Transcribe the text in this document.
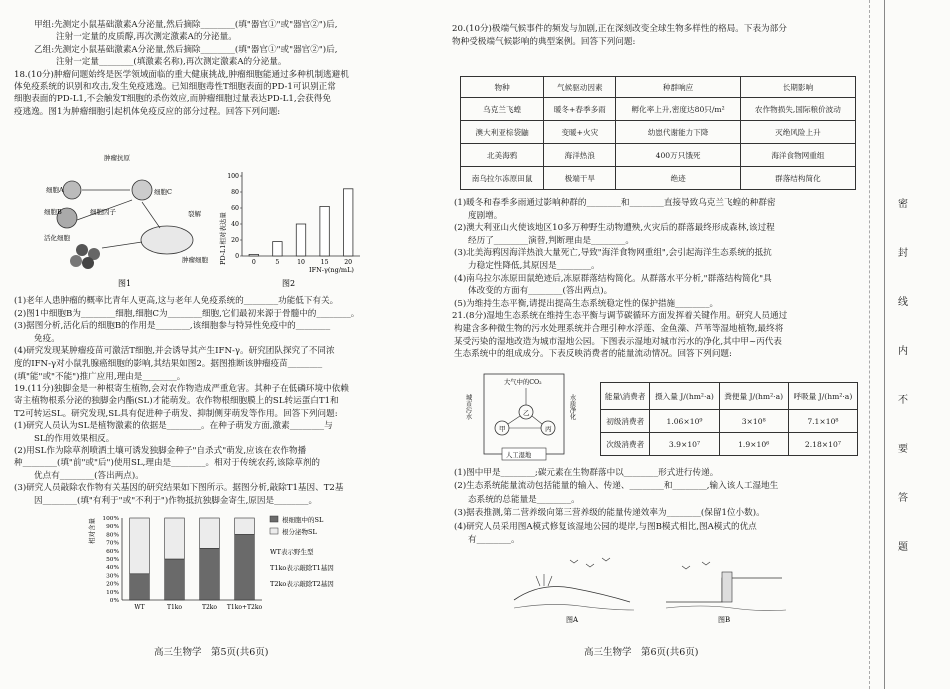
甲组:先测定小鼠基础激素A分泌量,然后摘除________(填"器官①"或"器官②")后,
注射一定量的皮质醇,再次测定激素A的分泌量。
乙组:先测定小鼠基础激素A分泌量,然后摘除________(填"器官①"或"器官②")后,
注射一定量________(填激素名称),再次测定激素A的分泌量。
18.(10分)肿瘤问题始终是医学领域面临的重大健康挑战,肿瘤细胞能通过多种机制逃避机
体免疫系统的识别和攻击,发生免疫逃逸。已知细胞毒性T细胞表面的PD-1可识别正常
细胞表面的PD-L1,不会触发T细胞的杀伤效应,而肿瘤细胞过量表达PD-L1,会获得免
疫逃逸。图1为肿瘤细胞引起机体免疫反应的部分过程。回答下列问题:
(1)老年人患肿瘤的概率比青年人更高,这与老年人免疫系统的________功能低下有关。
(2)图1中细胞B为________细胞,细胞C为________细胞,它们最初来源于骨髓中的________。
(3)据图分析,活化后的细胞B的作用是________,该细胞参与特异性免疫中的________
免疫。
(4)研究发现某肿瘤疫苗可激活T细胞,并会诱导其产生IFN-γ。研究团队探究了不同浓
度的IFN-γ对小鼠乳腺癌细胞的影响,其结果如图2。据图推断该肿瘤疫苗________
(填"能"或"不能")推广应用,理由是________。
19.(11分)独脚金是一种根寄生植物,会对农作物造成严重危害。其种子在低磷环境中依赖
寄主植物根系分泌的独脚金内酯(SL)才能萌发。农作物根细胞膜上的SL转运蛋白T1和
T2可转运SL。研究发现,SL具有促进种子萌发、抑制侧芽萌发等作用。回答下列问题:
(1)研究人员认为SL是植物激素的依据是________。在种子萌发方面,激素________与
SL的作用效果相反。
(2)用SL作为除草剂喷洒土壤可诱发独脚金种子"自杀式"萌发,应该在农作物播
种________(填"前"或"后")使用SL,理由是________。相对于传统农药,该除草剂的
优点有________(答出两点)。
(3)研究人员敲除农作物有关基因的研究结果如下图所示。据图分析,敲除T1基因、T2基
因________(填"有利于"或"不利于")作物抵抗独脚金寄生,原因是________。
肿瘤抗原
细胞A
细胞B	细胞因子
细胞C
活化细胞
裂解
肿瘤细胞
图1
PD-L1相对表达量 0
20
40
60
80
100
0	5	10	15	20
IFN-γ(ng/mL)
图2
相对含量
0%
10%
20%
30%
40%
50%
60%
70%
80%
90%
100%
WT	T1ko	T2ko T1ko+T2ko
根细胞中的SL
根分泌物SL
WT表示野生型
T1ko表示敲除T1基因
T2ko表示敲除T2基因
高三生物学　第5页(共6页)
20.(10分)极端气候事件的频发与加剧,正在深刻改变全球生物多样性的格局。下表为部分
物种受极端气候影响的典型案例。回答下列问题:
物种	气候驱动因素	种群响应	长期影响
乌克兰飞蝗	暖冬+春季多雨	孵化率上升,密度达80只/m²	农作物损失,国际粮价波动
澳大利亚棕袋鼬	变暖+火灾	幼崽代谢能力下降	灭绝风险上升
北美海鸦	海洋热浪	400万只饿死	海洋食物网重组
南乌拉尔冻原田鼠	极端干旱	绝迹	群落结构简化
(1)暖冬和春季多雨通过影响种群的________和________直接导致乌克兰飞蝗的种群密
度剧增。
(2)澳大利亚山火使该地区10多万种野生动物遭殃,火灾后的群落最终形成森林,该过程
经历了________演替,判断理由是________。
(3)北美海鸦因海洋热浪大量死亡,导致"海洋食物网重组",会引起海洋生态系统的抵抗
力稳定性降低,其原因是________。
(4)南乌拉尔冻原田鼠绝迹后,冻原群落结构简化。从群落水平分析,"群落结构简化"具
体改变的方面有________(答出两点)。
(5)为维持生态平衡,请提出提高生态系统稳定性的保护措施________。
21.(8分)湿地生态系统在维持生态平衡与调节碳循环方面发挥着关键作用。研究人员通过
构建含多种微生物的污水处理系统并合理引种水浮莲、金鱼藻、芦苇等湿地植物,最终将
某受污染的湿地改造为城市湿地公园。下图表示湿地对城市污水的净化,其中甲~丙代表
生态系统中的组成成分。下表反映消费者的能量流动情况。回答下列问题:
大气中的CO₂
城市污水	水质净化
甲
乙
丙
人工湿地
能量\消费者	摄入量 J/(hm²·a)	粪便量 J/(hm²·a)	呼吸量 J/(hm²·a)
初级消费者	1.06×10⁹	3×10⁸	7.1×10⁸
次级消费者	3.9×10⁷	1.9×10⁶	2.18×10⁷
(1)图中甲是________;碳元素在生物群落中以________形式进行传递。
(2)生态系统能量流动包括能量的输入、传递、________和________,输入该人工湿地生
态系统的总能量是________。
(3)据表推测,第二营养级向第三营养级的能量传递效率为________(保留1位小数)。
(4)研究人员采用图A模式修复该湿地公园的堤岸,与图B模式相比,图A模式的优点
有________。
图A	图B
高三生物学　第6页(共6页)
密
封
线
内
不
要
答
题
